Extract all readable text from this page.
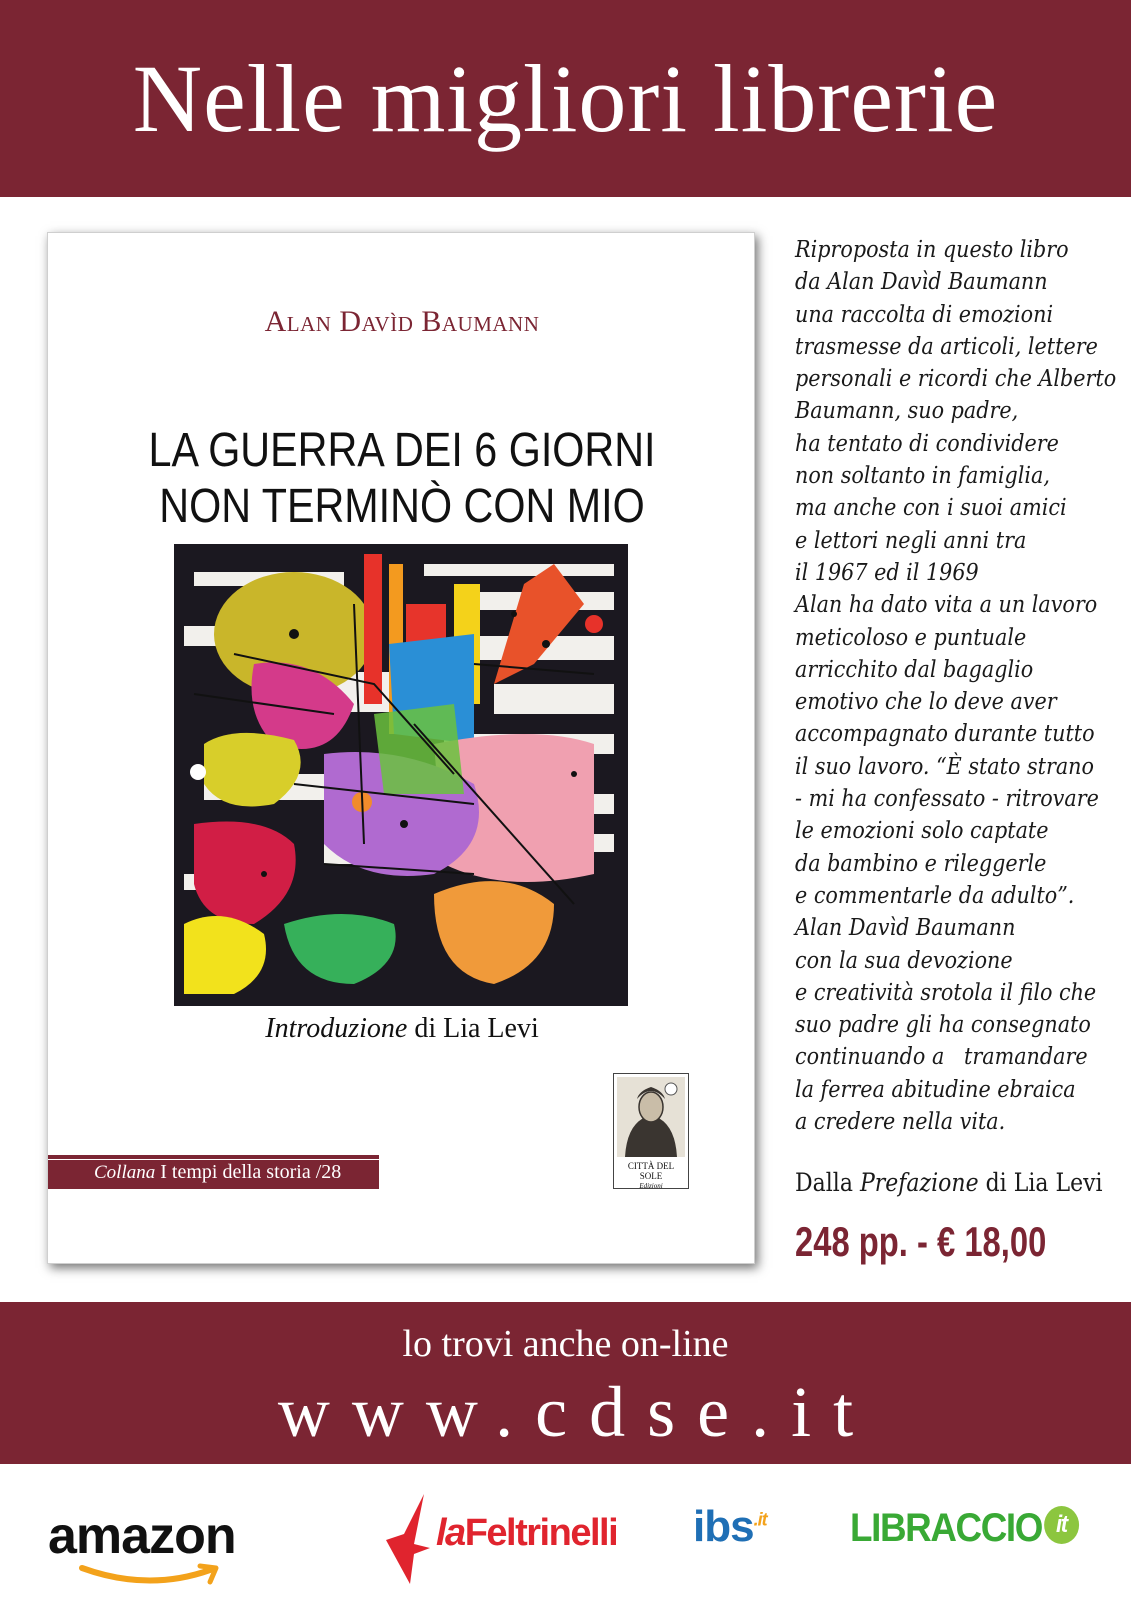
Nelle migliori librerie
Alan Davìd Baumann
LA GUERRA DEI 6 GIORNI
NON TERMINÒ CON MIO
Introduzione di Lia Levi
CITTÀ DEL SOLE
Edizioni
Collana I tempi della storia /28
Riproposta in questo libro
da Alan Davìd Baumann
una raccolta di emozioni
trasmesse da articoli, lettere
personali e ricordi che Alberto
Baumann, suo padre,
ha tentato di condividere
non soltanto in famiglia,
ma anche con i suoi amici
e lettori negli anni tra
il 1967 ed il 1969
Alan ha dato vita a un lavoro
meticoloso e puntuale
arricchito dal bagaglio
emotivo che lo deve aver
accompagnato durante tutto
il suo lavoro. “È stato strano
- mi ha confessato - ritrovare
le emozioni solo captate
da bambino e rileggerle
e commentarle da adulto”.
Alan Davìd Baumann
con la sua devozione
e creatività srotola il filo che
suo padre gli ha consegnato
continuando a   tramandare
la ferrea abitudine ebraica
a credere nella vita.
Dalla Prefazione di Lia Levi
248 pp. - € 18,00
lo trovi anche on-line
www.cdse.it
amazon	laFeltrinelli ibs$^{.it}$ LIBRACCIO it
